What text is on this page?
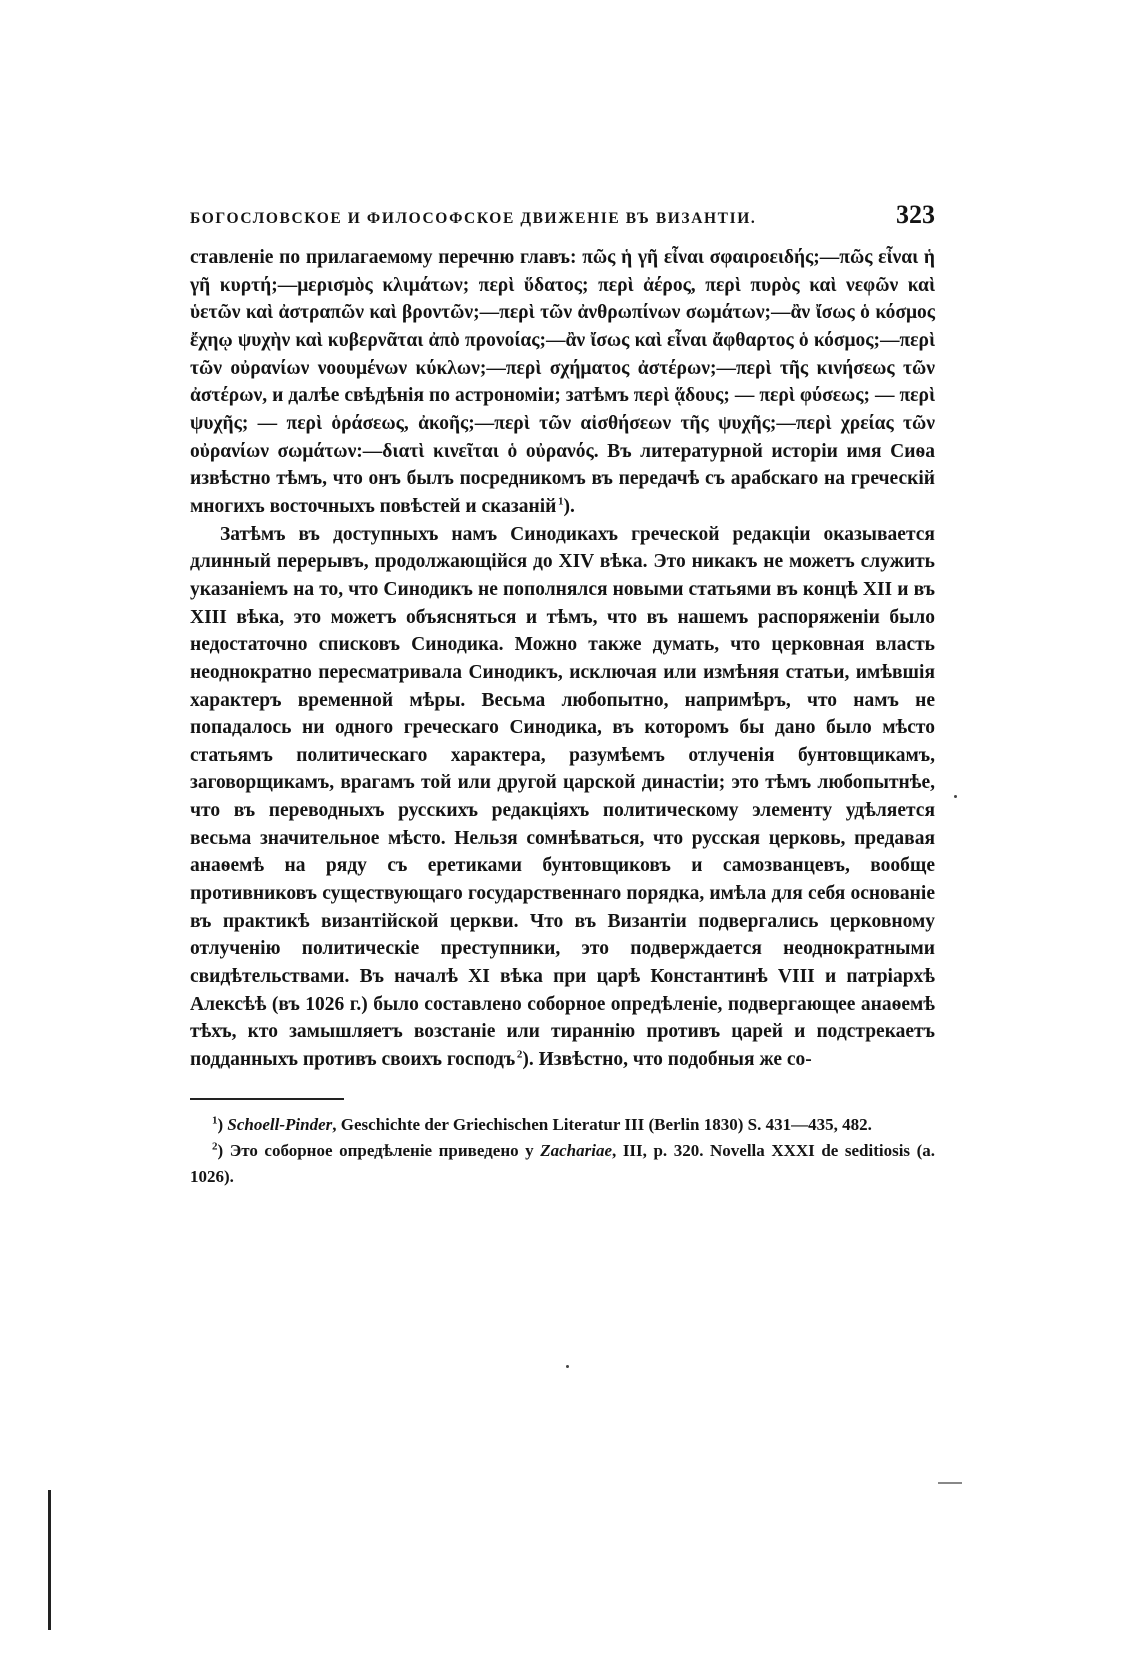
БОГОСЛОВСКОЕ И ФИЛОСОФСКОЕ ДВИЖЕНІЕ ВЪ ВИЗАНТІИ.	323

ставленіе по прилагаемому перечню главъ: πῶς ἡ γῆ εἶναι σφαιροειδής;—πῶς εἶναι ἡ γῆ κυρτή;—μερισμὸς κλιμάτων; περὶ ὕδατος; περὶ ἀέρος, περὶ πυρὸς καὶ νεφῶν καὶ ὑετῶν καὶ ἀστραπῶν καὶ βροντῶν;—περὶ τῶν ἀνθρωπίνων σωμάτων;—ἂν ἴσως ὁ κόσμος ἔχηῳ ψυχὴν καὶ κυβερνᾶται ἀπὸ προνοίας;—ἂν ἴσως καὶ εἶναι ἄφθαρτος ὁ κόσμος;—περὶ τῶν οὐρανίων νοουμένων κύκλων;—περὶ σχήματος ἀστέρων;—περὶ τῆς κινήσεως τῶν ἀστέρων, и далѣе свѣдѣнія по астрономіи; затѣмъ περὶ ᾅδους; — περὶ φύσεως; — περὶ ψυχῆς; — περὶ ὁράσεως, ἀκοῆς;—περὶ τῶν αἰσθήσεων τῆς ψυχῆς;—περὶ χρείας τῶν οὐρανίων σωμάτων:—διατὶ κινεῖται ὁ οὐρανός. Въ литературной исторіи имя Сиѳа извѣстно тѣмъ, что онъ былъ посредникомъ въ передачѣ съ арабскаго на греческій многихъ восточныхъ повѣстей и сказаній  $^1$).

Затѣмъ въ доступныхъ намъ Синодикахъ греческой редакціи оказывается длинный перерывъ, продолжающійся до XIV вѣка. Это никакъ не можетъ служить указаніемъ на то, что Синодикъ не пополнялся новыми статьями въ концѣ XII и въ XIII вѣка, это можетъ объясняться и тѣмъ, что въ нашемъ распоряженіи было недостаточно списковъ Синодика. Можно также думать, что церковная власть неоднократно пересматривала Синодикъ, исключая или измѣняя статьи, имѣвшія характеръ временной мѣры. Весьма любопытно, напримѣръ, что намъ не попадалось ни одного греческаго Синодика, въ которомъ бы дано было мѣсто статьямъ политическаго характера, разумѣемъ отлученія бунтовщикамъ, заговорщикамъ, врагамъ той или другой царской династіи; это тѣмъ любопытнѣе, что въ переводныхъ русскихъ редакціяхъ политическому элементу удѣляется весьма значительное мѣсто. Нельзя сомнѣваться, что русская церковь, предавая анаѳемѣ на ряду съ еретиками бунтовщиковъ и самозванцевъ, вообще противниковъ существующаго государственнаго порядка, имѣла для себя основаніе въ практикѣ византійской церкви. Что въ Византіи подвергались церковному отлученію политическіе преступники, это подверждается неоднократными свидѣтельствами. Въ началѣ XI вѣка при царѣ Константинѣ VIII и патріархѣ Алексѣѣ (въ 1026 г.) было составлено соборное опредѣленіе, подвергающее анаѳемѣ тѣхъ, кто замышляетъ возстаніе или тираннію противъ царей и подстрекаетъ подданныхъ противъ своихъ господъ  $^2$). Извѣстно, что подобныя же со-

$^1$) Schoell-Pinder, Geschichte der Griechischen Literatur III (Berlin 1830) S. 431—435, 482.

$^2$) Это соборное опредѣленіе приведено у Zachariae, III, p. 320. Novella XXXI de seditiosis (a. 1026).
